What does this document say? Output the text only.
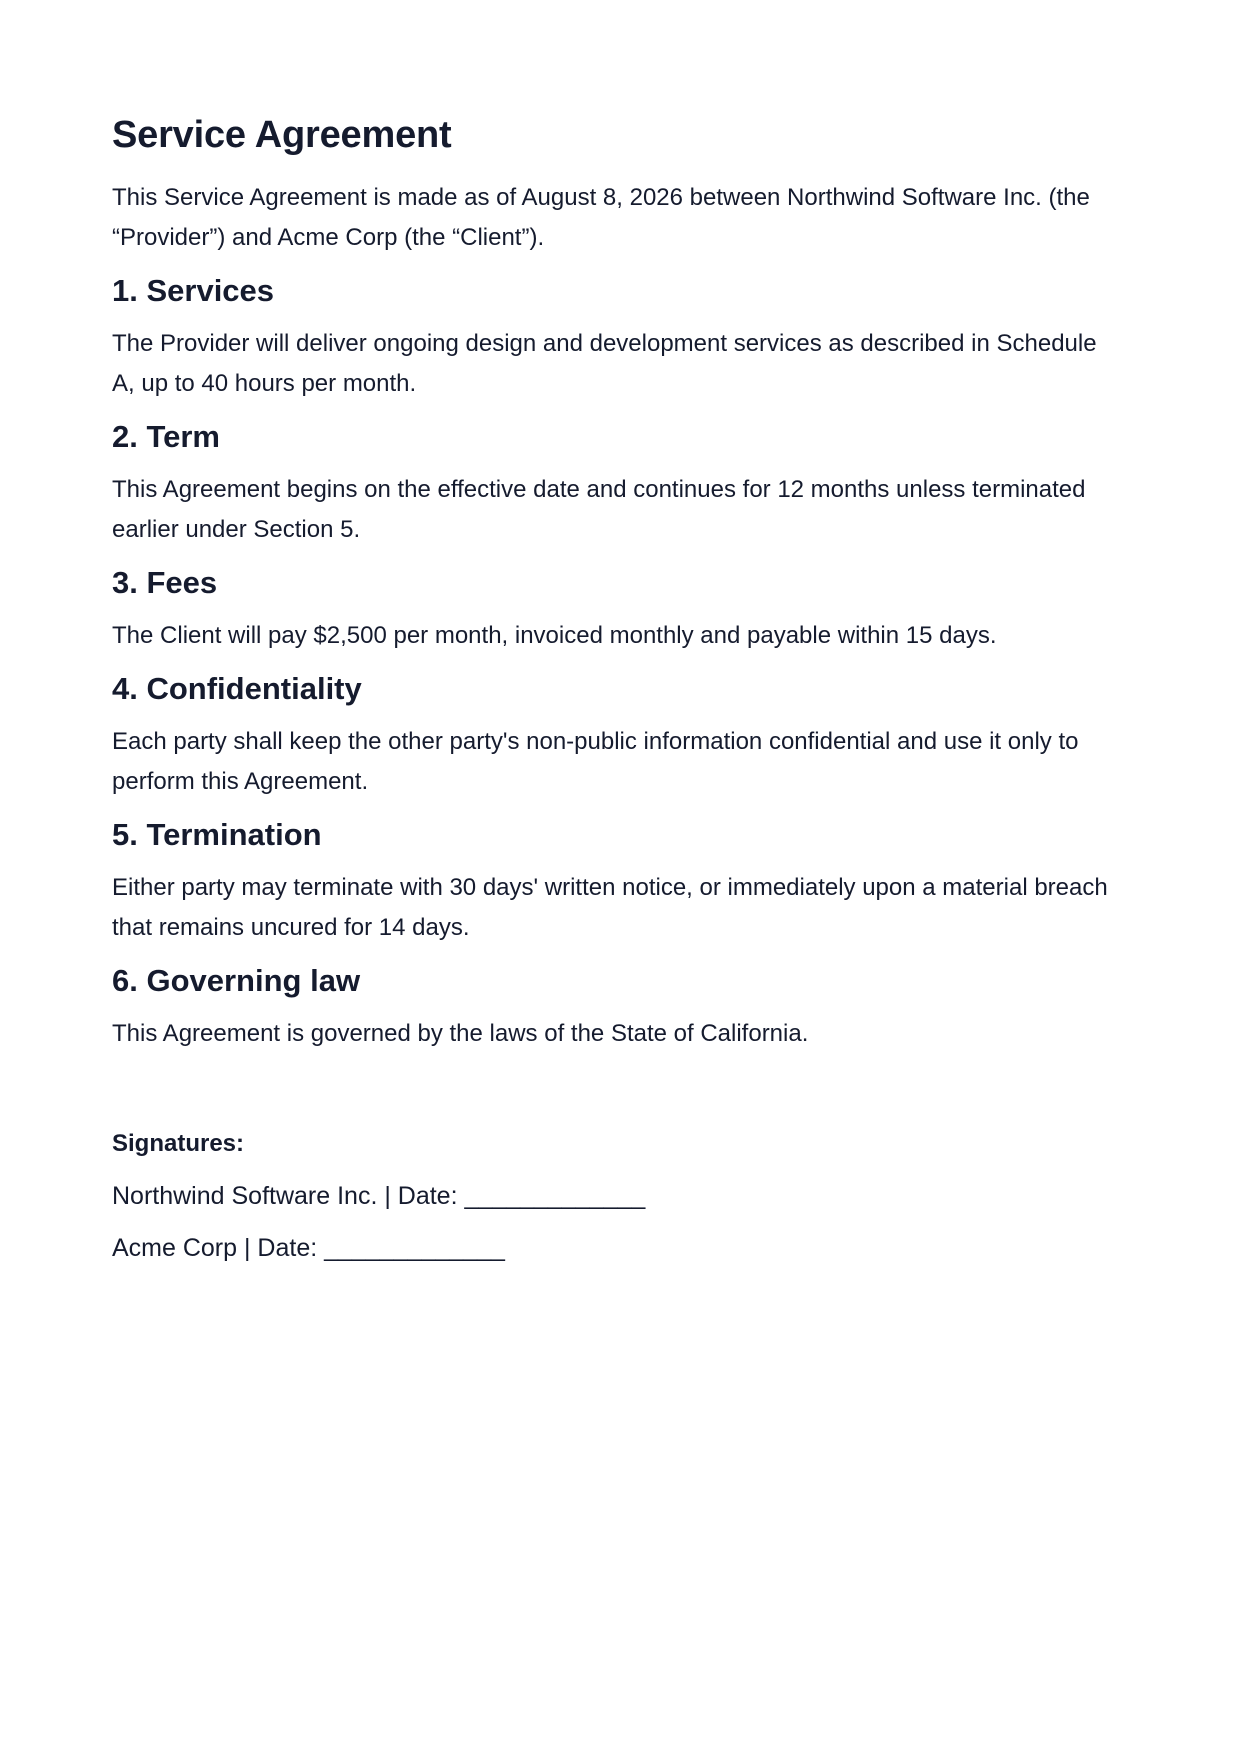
Service Agreement

This Service Agreement is made as of August 8, 2026 between Northwind Software Inc. (the “Provider”) and Acme Corp (the “Client”).

1. Services

The Provider will deliver ongoing design and development services as described in Schedule A, up to 40 hours per month.

2. Term

This Agreement begins on the effective date and continues for 12 months unless terminated earlier under Section 5.

3. Fees

The Client will pay $2,500 per month, invoiced monthly and payable within 15 days.

4. Confidentiality

Each party shall keep the other party's non-public information confidential and use it only to perform this Agreement.

5. Termination

Either party may terminate with 30 days' written notice, or immediately upon a material breach that remains uncured for 14 days.

6. Governing law

This Agreement is governed by the laws of the State of California.

Signatures:
Northwind Software Inc. | Date: _____________
Acme Corp | Date: _____________
